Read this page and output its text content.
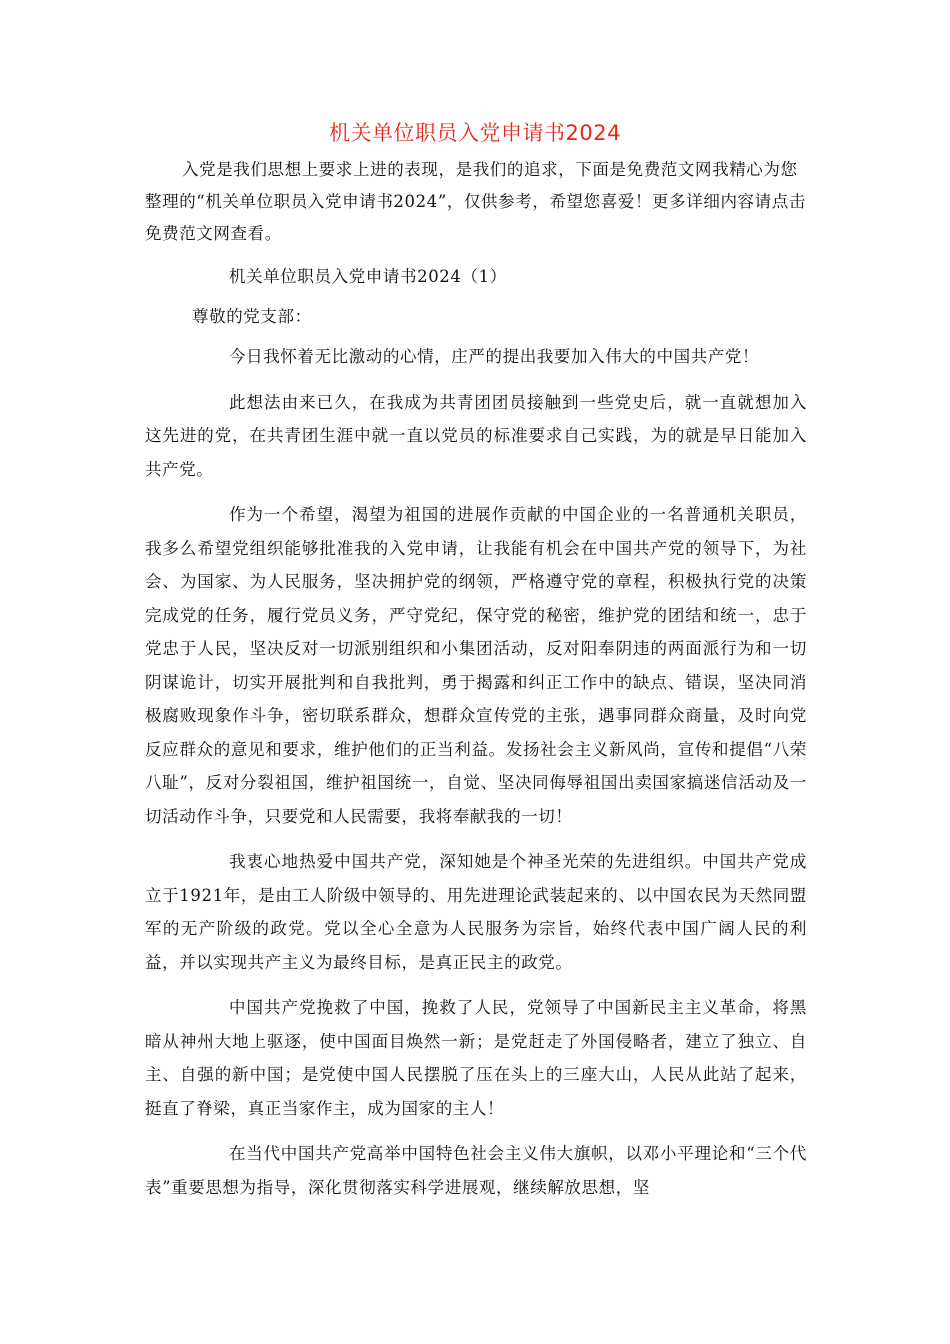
机关单位职员入党申请书2024

入党是我们思想上要求上进的表现，是我们的追求，下面是免费范文网我精心为您整理的“机关单位职员入党申请书2024”，仅供参考，希望您喜爱！更多详细内容请点击免费范文网查看。

机关单位职员入党申请书2024（1）
尊敬的党支部：

今日我怀着无比激动的心情，庄严的提出我要加入伟大的中国共产党！

此想法由来已久，在我成为共青团团员接触到一些党史后，就一直就想加入这先进的党，在共青团生涯中就一直以党员的标准要求自己实践，为的就是早日能加入共产党。

作为一个希望，渴望为祖国的进展作贡献的中国企业的一名普通机关职员，我多么希望党组织能够批准我的入党申请，让我能有机会在中国共产党的领导下，为社会、为国家、为人民服务，坚决拥护党的纲领，严格遵守党的章程，积极执行党的决策完成党的任务，履行党员义务，严守党纪，保守党的秘密，维护党的团结和统一，忠于党忠于人民，坚决反对一切派别组织和小集团活动，反对阳奉阴违的两面派行为和一切阴谋诡计，切实开展批判和自我批判，勇于揭露和纠正工作中的缺点、错误，坚决同消极腐败现象作斗争，密切联系群众，想群众宣传党的主张，遇事同群众商量，及时向党反应群众的意见和要求，维护他们的正当利益。发扬社会主义新风尚，宣传和提倡“八荣八耻”，反对分裂祖国，维护祖国统一，自觉、坚决同侮辱祖国出卖国家搞迷信活动及一切活动作斗争，只要党和人民需要，我将奉献我的一切！

我衷心地热爱中国共产党，深知她是个神圣光荣的先进组织。中国共产党成立于1921年，是由工人阶级中领导的、用先进理论武装起来的、以中国农民为天然同盟军的无产阶级的政党。党以全心全意为人民服务为宗旨，始终代表中国广阔人民的利益，并以实现共产主义为最终目标，是真正民主的政党。

中国共产党挽救了中国，挽救了人民，党领导了中国新民主主义革命，将黑暗从神州大地上驱逐，使中国面目焕然一新；是党赶走了外国侵略者，建立了独立、自主、自强的新中国；是党使中国人民摆脱了压在头上的三座大山，人民从此站了起来，挺直了脊梁，真正当家作主，成为国家的主人！

在当代中国共产党高举中国特色社会主义伟大旗帜，以邓小平理论和“三个代表”重要思想为指导，深化贯彻落实科学进展观，继续解放思想，坚
